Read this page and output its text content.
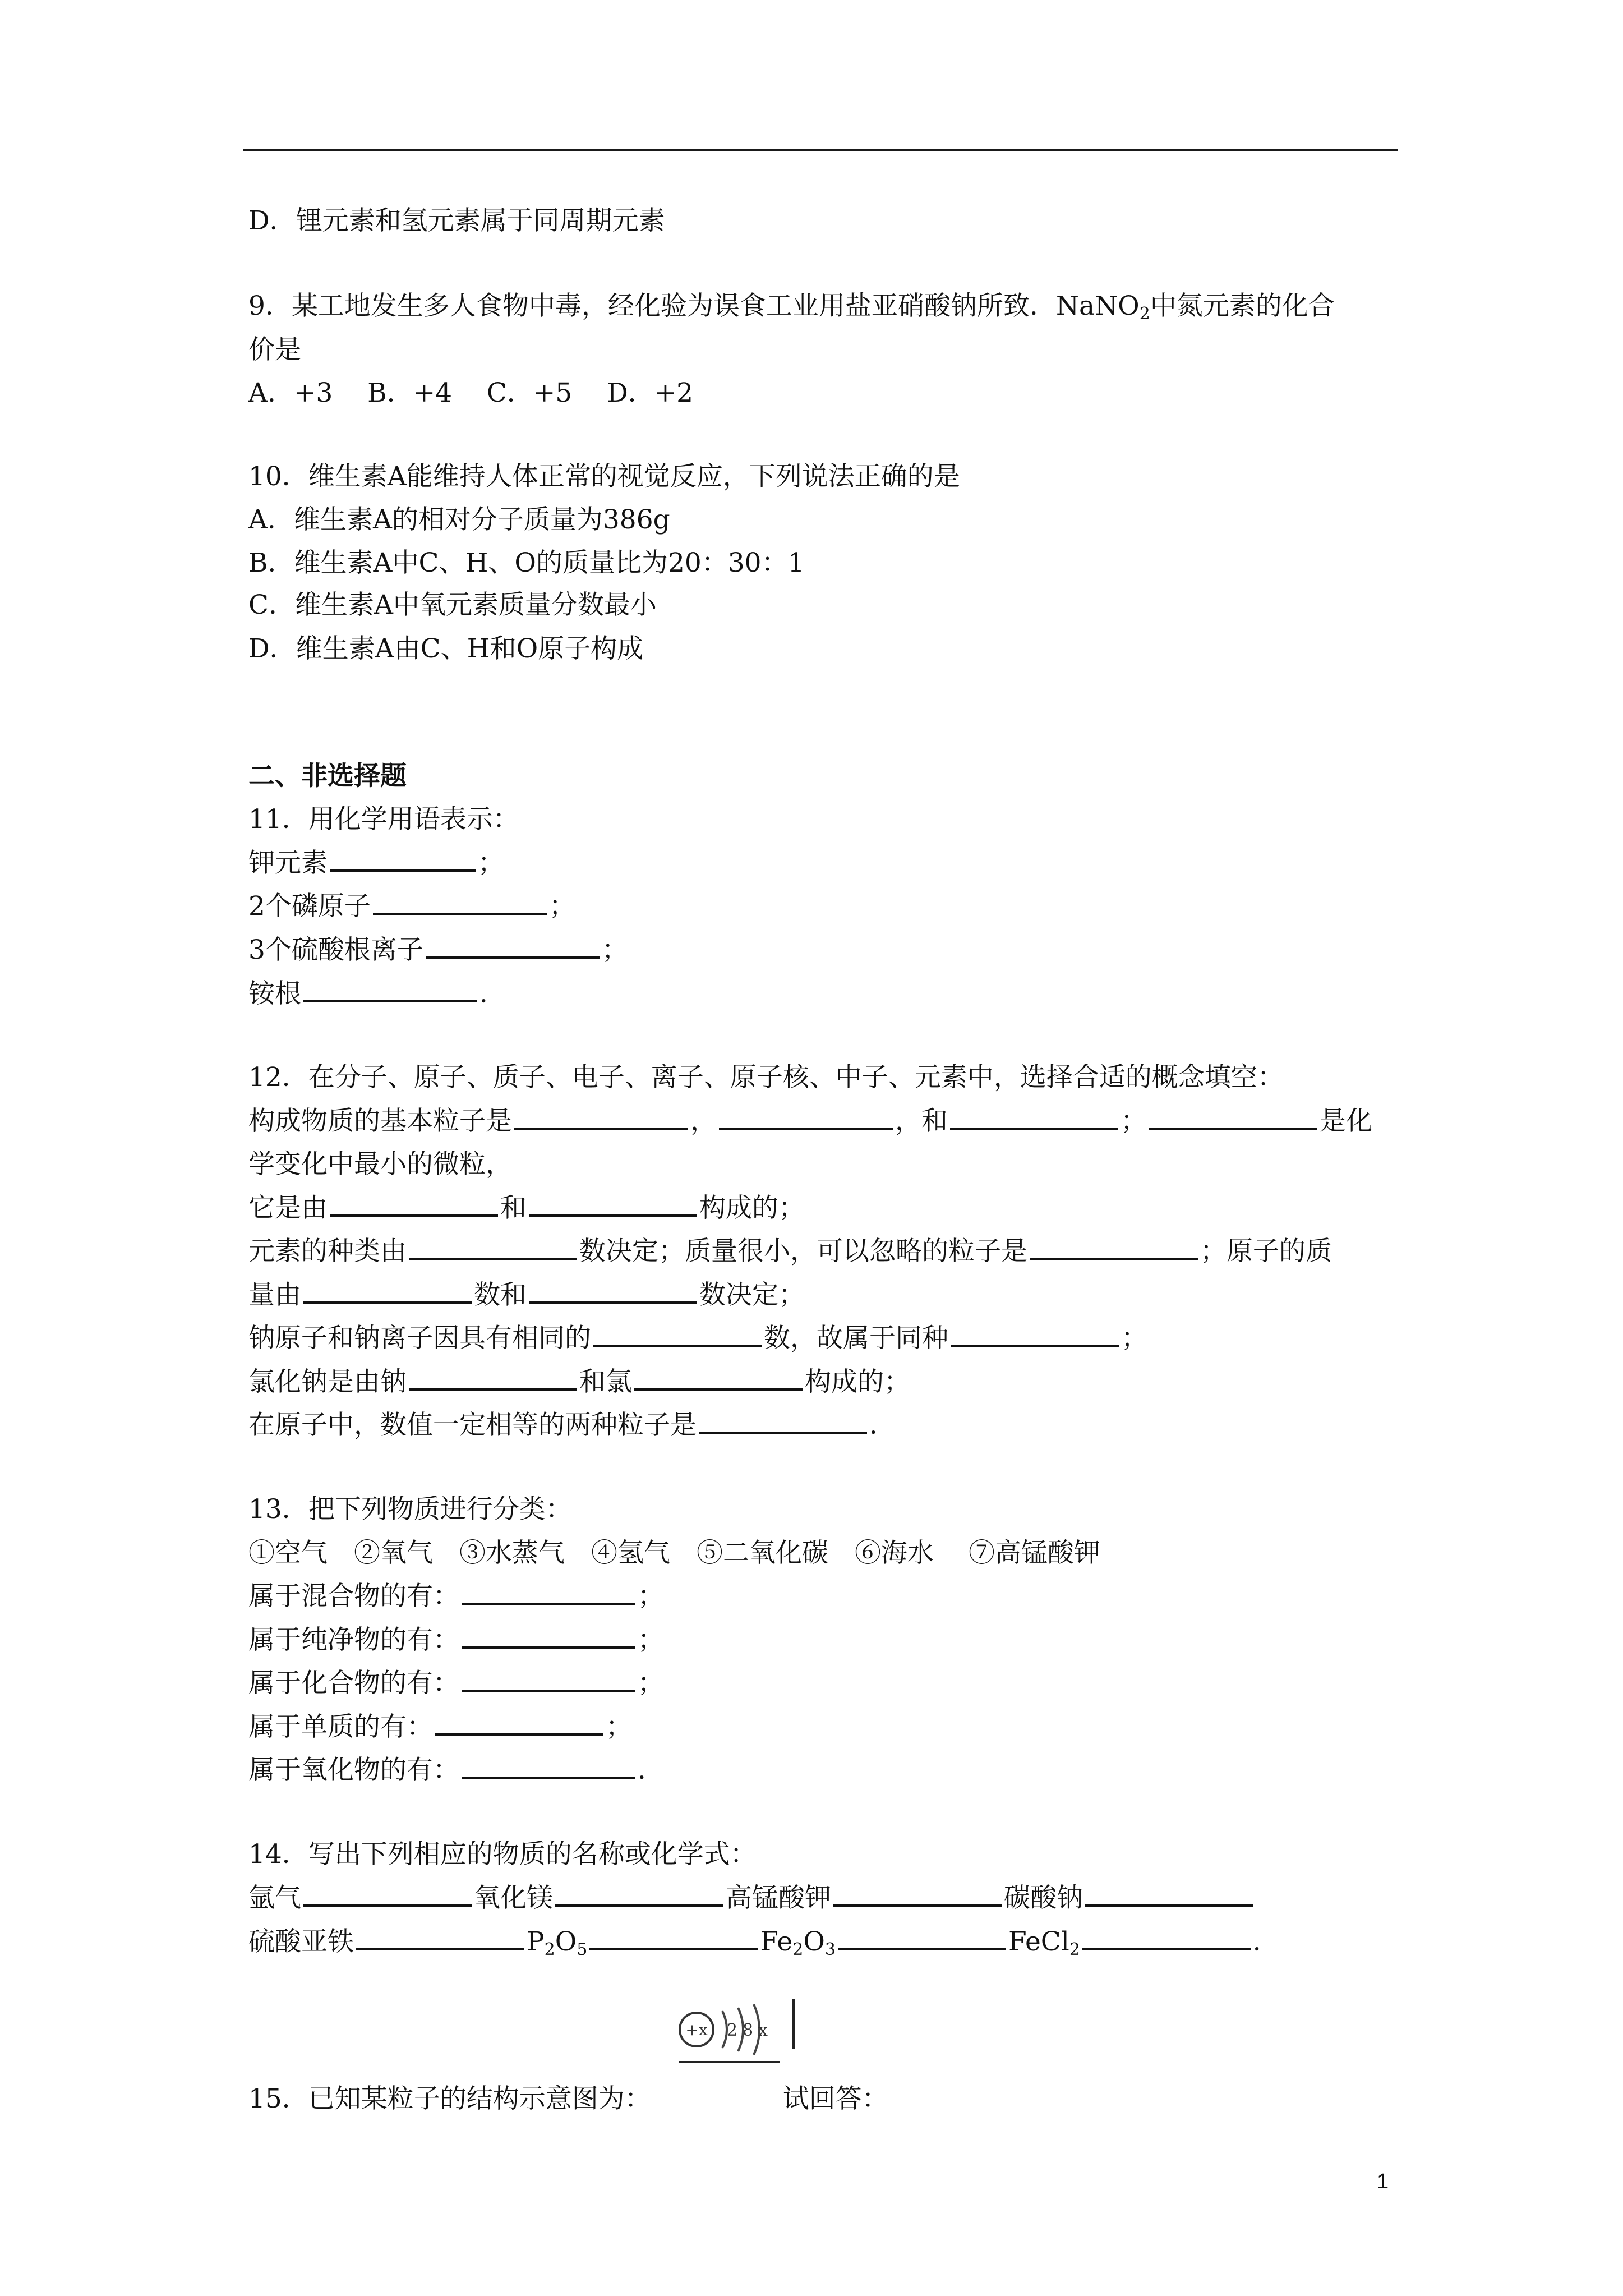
D．锂元素和氢元素属于同周期元素
9．某工地发生多人食物中毒，经化验为误食工业用盐亚硝酸钠所致．NaNO$_2$中氮元素的化合
价是
A．+3　 B．+4　 C．+5　 D．+2
10．维生素A能维持人体正常的视觉反应，下列说法正确的是
A．维生素A的相对分子质量为386g
B．维生素A中C、H、O的质量比为20：30：1
C．维生素A中氧元素质量分数最小
D．维生素A由C、H和O原子构成
二、非选择题
11．用化学用语表示：
钾元素	；
2个磷原子	；
3个硫酸根离子	；
铵根	．
12．在分子、原子、质子、电子、离子、原子核、中子、元素中，选择合适的概念填空：
构成物质的基本粒子是	，	，和	；	是化
学变化中最小的微粒，
它是由	和	构成的；
元素的种类由	数决定；质量很小，可以忽略的粒子是	；原子的质
量由	数和	数决定；
钠原子和钠离子因具有相同的	数，故属于同种	；
氯化钠是由钠	和氯	构成的；
在原子中，数值一定相等的两种粒子是	．
13．把下列物质进行分类：
①空气　②氧气　③水蒸气　④氢气　⑤二氧化碳　⑥海水　 ⑦高锰酸钾
属于混合物的有：	；
属于纯净物的有：	；
属于化合物的有：	；
属于单质的有：	；
属于氧化物的有：	．
14．写出下列相应的物质的名称或化学式：
氩气	氧化镁	高锰酸钾	碳酸钠
硫酸亚铁	$P_2O_5$	$Fe_2O_3$	FeCl$_2$	．
15．已知某粒子的结构示意图为：	试回答：
+x 2 8 x
1
